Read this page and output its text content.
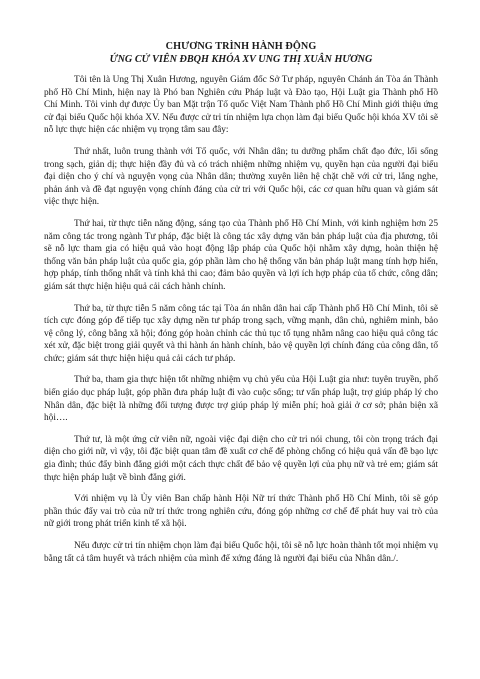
CHƯƠNG TRÌNH HÀNH ĐỘNG
ỨNG CỬ VIÊN ĐBQH KHÓA XV UNG THỊ XUÂN HƯƠNG

Tôi tên là Ung Thị Xuân Hương, nguyên Giám đốc Sở Tư pháp, nguyên Chánh án Tòa án Thành phố Hồ Chí Minh, hiện nay là Phó ban Nghiên cứu Pháp luật và Đào tạo, Hội Luật gia Thành phố Hồ Chí Minh. Tôi vinh dự được Ủy ban Mặt trận Tổ quốc Việt Nam Thành phố Hồ Chí Minh giới thiệu ứng cử đại biểu Quốc hội khóa XV. Nếu được cử tri tín nhiệm lựa chọn làm đại biểu Quốc hội khóa XV tôi sẽ nỗ lực thực hiện các nhiệm vụ trọng tâm sau đây:

Thứ nhất, luôn trung thành với Tổ quốc, với Nhân dân; tu dưỡng phẩm chất đạo đức, lối sống trong sạch, giản dị; thực hiện đầy đủ và có trách nhiệm những nhiệm vụ, quyền hạn của người đại biểu đại diện cho ý chí và nguyện vọng của Nhân dân; thường xuyên liên hệ chặt chẽ với cử tri, lắng nghe, phản ánh và đề đạt nguyện vọng chính đáng của cử tri với Quốc hội, các cơ quan hữu quan và giám sát việc thực hiện.

Thứ hai, từ thực tiễn năng động, sáng tạo của Thành phố Hồ Chí Minh, với kinh nghiệm hơn 25 năm công tác trong ngành Tư pháp, đặc biệt là công tác xây dựng văn bản pháp luật của địa phương, tôi sẽ nỗ lực tham gia có hiệu quả vào hoạt động lập pháp của Quốc hội nhằm xây dựng, hoàn thiện hệ thống văn bản pháp luật của quốc gia, góp phần làm cho hệ thống văn bản pháp luật mang tính hợp hiến, hợp pháp, tính thống nhất và tính khả thi cao; đảm bảo quyền và lợi ích hợp pháp của tổ chức, công dân; giám sát thực hiện hiệu quả cải cách hành chính.

Thứ ba, từ thực tiễn 5 năm công tác tại Tòa án nhân dân hai cấp Thành phố Hồ Chí Minh, tôi sẽ tích cực đóng góp để tiếp tục xây dựng nền tư pháp trong sạch, vững mạnh, dân chủ, nghiêm minh, bảo vệ công lý, công bằng xã hội; đóng góp hoàn chỉnh các thủ tục tố tụng nhằm nâng cao hiệu quả công tác xét xử, đặc biệt trong giải quyết và thi hành án hành chính, bảo vệ quyền lợi chính đáng của công dân, tổ chức; giám sát thực hiện hiệu quả cải cách tư pháp.

Thứ ba, tham gia thực hiện tốt những nhiệm vụ chủ yếu của Hội Luật gia như: tuyên truyền, phổ biến giáo dục pháp luật, góp phần đưa pháp luật đi vào cuộc sống; tư vấn pháp luật, trợ giúp pháp lý cho Nhân dân, đặc biệt là những đối tượng được trợ giúp pháp lý miễn phí; hoà giải ở cơ sở; phản biện xã hội….

Thứ tư, là một ứng cử viên nữ, ngoài việc đại diện cho cử tri nói chung, tôi còn trọng trách đại diện cho giới nữ, vì vậy, tôi đặc biệt quan tâm đề xuất cơ chế để phòng chống có hiệu quả vấn đề bạo lực gia đình; thúc đẩy bình đẳng giới một cách thực chất để bảo vệ quyền lợi của phụ nữ và trẻ em; giám sát thực hiện pháp luật về bình đẳng giới.

Với nhiệm vụ là Ủy viên Ban chấp hành Hội Nữ trí thức Thành phố Hồ Chí Minh, tôi sẽ góp phần thúc đẩy vai trò của nữ trí thức trong nghiên cứu, đóng góp những cơ chế để phát huy vai trò của nữ giới trong phát triển kinh tế xã hội.

Nếu được cử tri tín nhiệm chọn làm đại biểu Quốc hội, tôi sẽ nỗ lực hoàn thành tốt mọi nhiệm vụ bằng tất cả tâm huyết và trách nhiệm của mình để xứng đáng là người đại biểu của Nhân dân./.
